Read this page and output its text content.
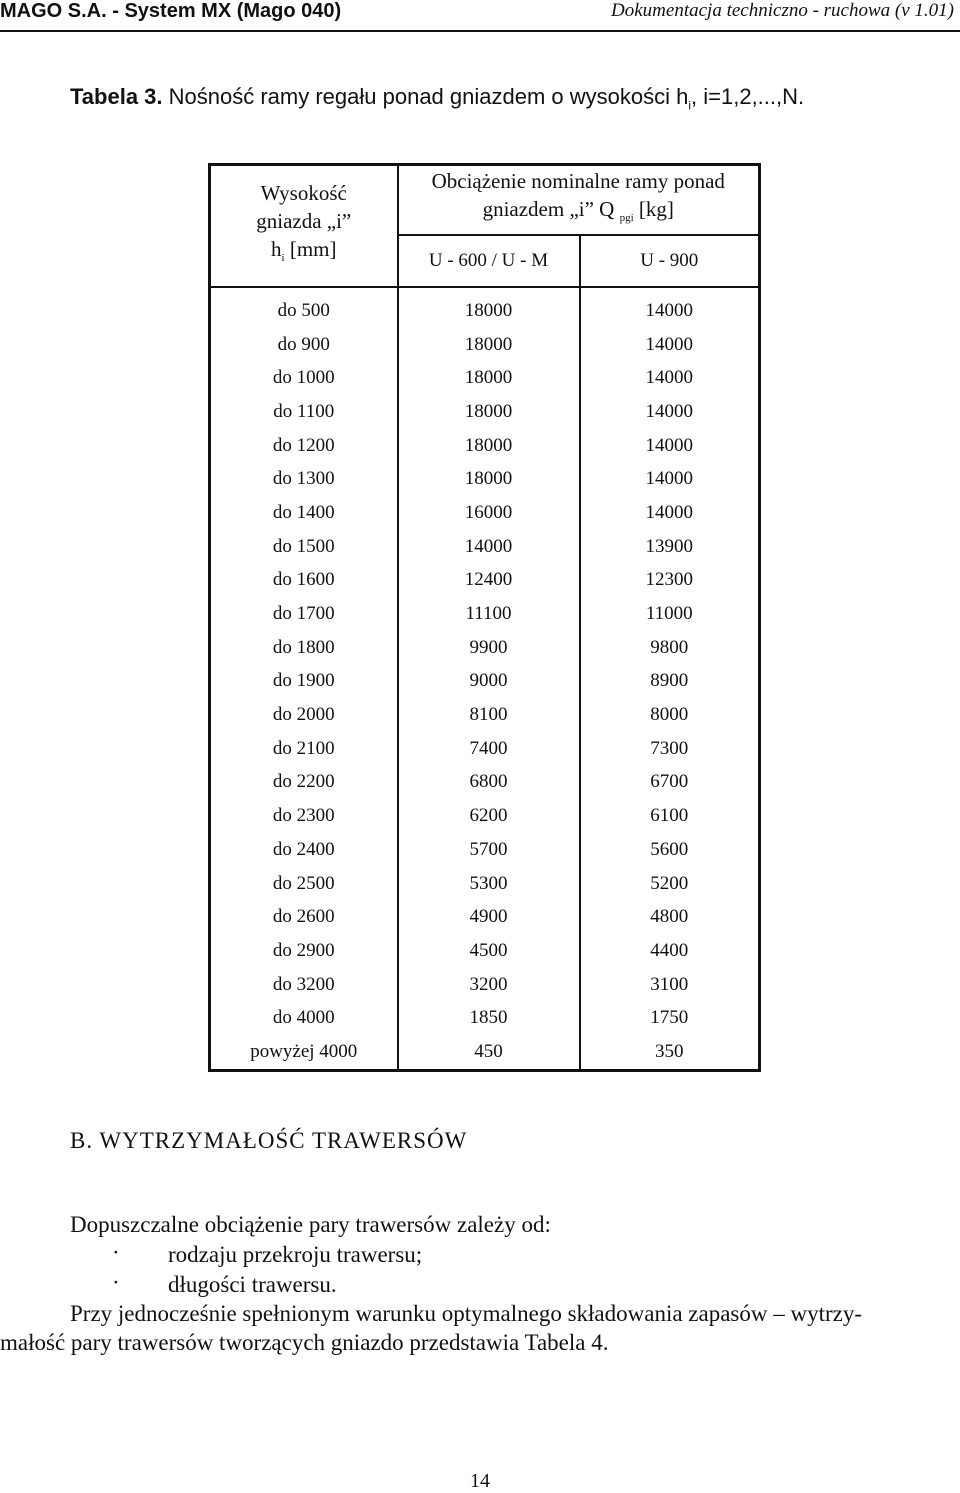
MAGO S.A. - System MX (Mago 040)	Dokumentacja techniczno - ruchowa (v 1.01)
Tabela 3. Nośność ramy regału ponad gniazdem o wysokości $h_i$, i=1,2,...,N.
Wysokość
gniazda „i”
$h_i$ [mm]	Obciążenie nominalne ramy ponad
gniazdem „i” Q $_{pgi}$ [kg]	

	U - 600 / U - M	U - 900
do 500	18000	14000
do 900	18000	14000
do 1000	18000	14000
do 1100	18000	14000
do 1200	18000	14000
do 1300	18000	14000
do 1400	16000	14000
do 1500	14000	13900
do 1600	12400	12300
do 1700	11100	11000
do 1800	9900	9800
do 1900	9000	8900
do 2000	8100	8000
do 2100	7400	7300
do 2200	6800	6700
do 2300	6200	6100
do 2400	5700	5600
do 2500	5300	5200
do 2600	4900	4800
do 2900	4500	4400
do 3200	3200	3100
do 4000	1850	1750
powyżej 4000	450	350
B. WYTRZYMAŁOŚĆ TRAWERSÓW
Dopuszczalne obciążenie pary trawersów zależy od:
· rodzaju przekroju trawersu;
· długości trawersu.
Przy jednocześnie spełnionym warunku optymalnego składowania zapasów – wytrzy-
małość pary trawersów tworzących gniazdo przedstawia Tabela 4.
14
